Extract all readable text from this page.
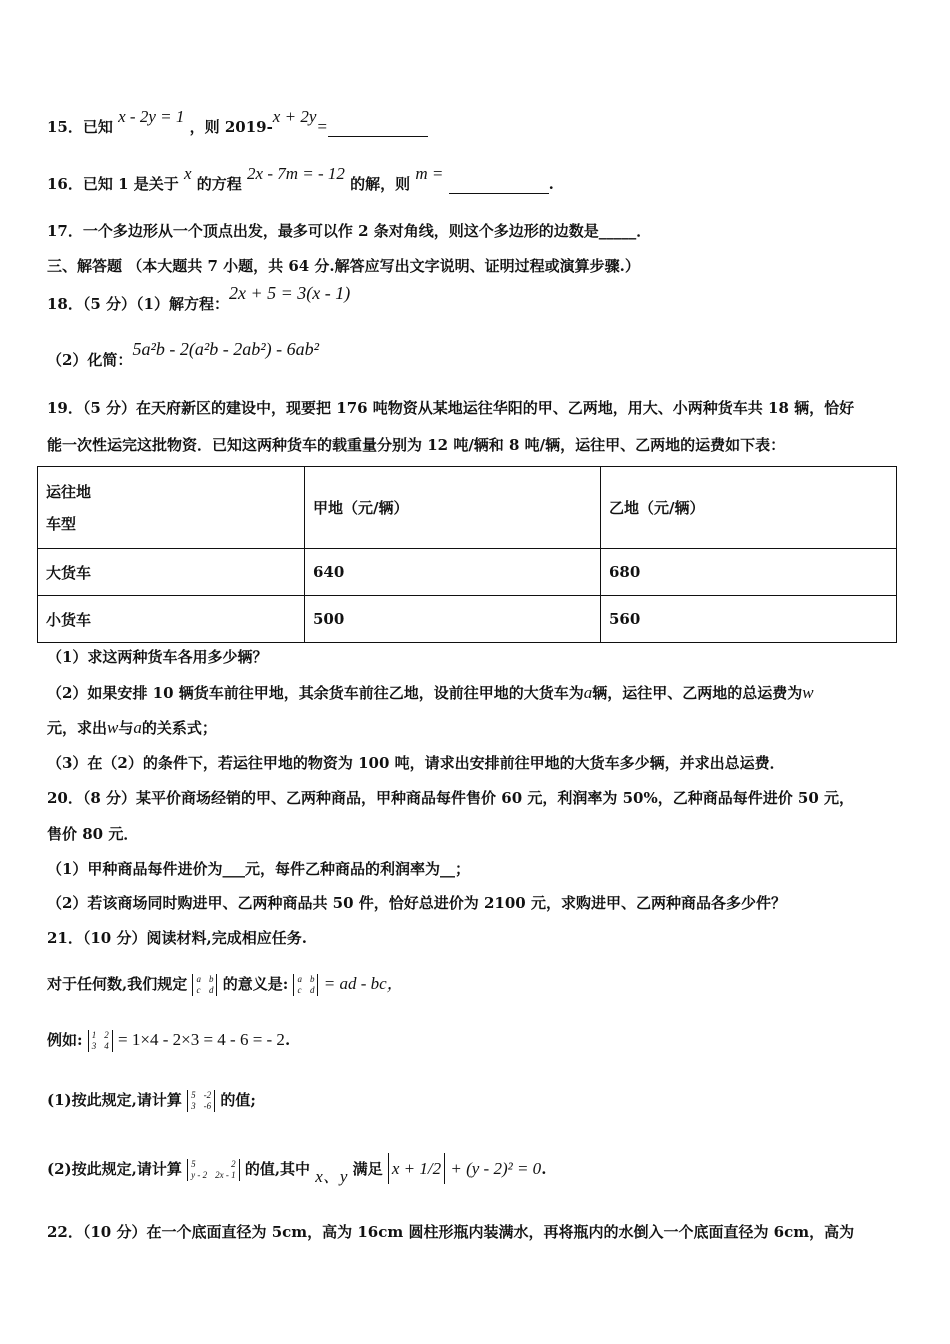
15．已知 x - 2y = 1 ，则 2019-x + 2y=
16．已知 1 是关于 x 的方程 2x - 7m = - 12 的解，则 m = .
17．一个多边形从一个顶点出发，最多可以作 2 条对角线，则这个多边形的边数是_____．
三、解答题 （本大题共 7 小题，共 64 分.解答应写出文字说明、证明过程或演算步骤.）
18．（5 分）（1）解方程：2x + 5 = 3(x - 1)
（2）化简：5a²b - 2(a²b - 2ab²) - 6ab²
19．（5 分）在天府新区的建设中，现要把 176 吨物资从某地运往华阳的甲、乙两地，用大、小两种货车共 18 辆，恰好
能一次性运完这批物资．已知这两种货车的载重量分别为 12 吨/辆和 8 吨/辆，运往甲、乙两地的运费如下表：
运往地
车型	甲地（元/辆）	乙地（元/辆）
大货车	640	680
小货车	500	560
（1）求这两种货车各用多少辆？
（2）如果安排 10 辆货车前往甲地，其余货车前往乙地，设前往甲地的大货车为a辆，运往甲、乙两地的总运费为w
元，求出w与a的关系式；
（3）在（2）的条件下，若运往甲地的物资为 100 吨，请求出安排前往甲地的大货车多少辆，并求出总运费．
20．（8 分）某平价商场经销的甲、乙两种商品，甲种商品每件售价 60 元，利润率为 50%，乙种商品每件进价 50 元，
售价 80 元．
（1）甲种商品每件进价为___元，每件乙种商品的利润率为__；
（2）若该商场同时购进甲、乙两种商品共 50 件，恰好总进价为 2100 元，求购进甲、乙两种商品各多少件？
21．（10 分）阅读材料,完成相应任务.
对于任何数,我们规定 a b
c d 的意义是: a b
c d = ad - bc，
例如: 1 2
3 4 = 1×4 - 2×3 = 4 - 6 = - 2.
(1)按此规定,请计算 5 -2
3 -6 的值;
(2)按此规定,请计算 5	2
y - 2 2x - 1 的值,其中 x、y 满足 x + 1/2 + (y - 2)² = 0.
22．（10 分）在一个底面直径为 5cm，高为 16cm 圆柱形瓶内装满水，再将瓶内的水倒入一个底面直径为 6cm，高为
